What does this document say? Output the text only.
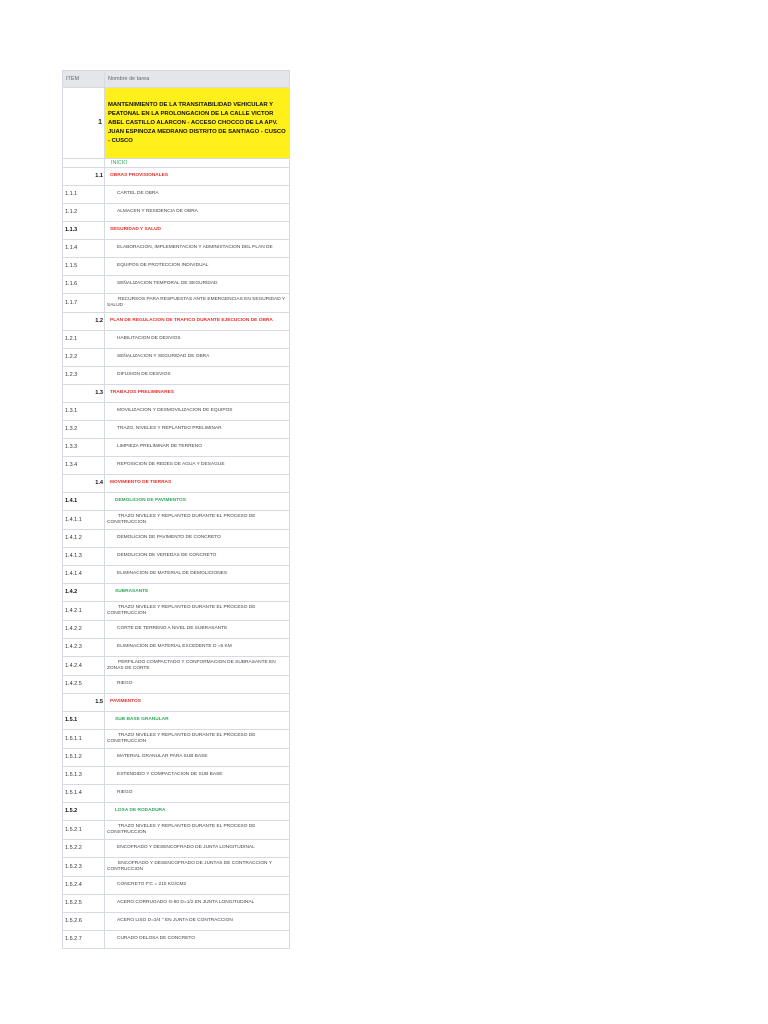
ITEM	Nombre de tarea
1	MANTENIMIENTO DE LA TRANSITABILIDAD VEHICULAR Y PEATONAL EN LA PROLONGACION DE LA CALLE VICTOR ABEL CASTILLO ALARCON - ACCESO CHOCCO DE LA APV. JUAN ESPINOZA MEDRANO DISTRITO DE SANTIAGO - CUSCO - CUSCO
	INICIO
1.1	OBRAS PROVISIONALES
1.1.1	CARTEL DE OBRA
1.1.2	ALMACEN Y RESIDENCIA DE OBRA
1.1.3	SEGURIDAD Y SALUD
1.1.4	ELABORACION, IMPLEMENTACION Y ADMINISTACION DEL PLAN DE
1.1.5	EQUIPOS DE PROTECCION INDIVIDUAL
1.1.6	SEÑALIZACION TEMPORAL DE SEGURIDAD
1.1.7	RECURSOS PARA RESPUESTAS ANTE EMERGENCIAS EN SEGURIDAD Y SALUD
1.2	PLAN DE REGULACION DE TRAFICO DURANTE EJECUCION DE OBRA
1.2.1	HABILITACION DE DESVIOS
1.2.2	SEÑALIZACION Y SEGURIDAD DE OBRA
1.2.3	DIFUSION DE DESVIOS
1.3	TRABAJOS PRELIMINARES
1.3.1	MOVILIZACION Y DESMOVILIZACION DE EQUIPOS
1.3.2	TRAZO, NIVELES Y REPLANTEO PRELIMINAR
1.3.3	LIMPIEZA PRELIMINAR DE TERRENO
1.3.4	REPOSICION DE REDES DE AGUA Y DESAGUE
1.4	MOVIMIENTO DE TIERRAS
1.4.1	DEMOLICION DE PAVIMENTOS
1.4.1.1	TRAZO NIVELES Y REPLANTEO DURANTE EL PROCESO DE CONSTRUCCION
1.4.1.2	DEMOLICION DE PAVIMENTO DE CONCRETO
1.4.1.3	DEMOLICION DE VEREDAS DE CONCRETO
1.4.1.4	ELIMINACION DE MATERIAL DE DEMOLICIONES
1.4.2	SUBRASANTE
1.4.2.1	TRAZO NIVELES Y REPLANTEO DURANTE EL PROCESO DE CONSTRUCCION
1.4.2.2	CORTE DE TERRENO A NIVEL DE SUBRASANTE
1.4.2.3	ELIMINACION DE MATERIAL EXCEDENTE D =5 KM
1.4.2.4	PERFILADO COMPACTADO Y CONFORMACION DE SUBRASANTE EN ZONAS DE CORTE
1.4.2.5	RIEGO
1.5	PAVIMENTOS
1.5.1	SUB BASE GRANULAR
1.5.1.1	TRAZO NIVELES Y REPLANTEO DURANTE EL PROCESO DE CONSTRUCCION
1.5.1.2	MATERIAL GRANULAR PARA SUB BASE
1.5.1.3	EXTENDIDO Y COMPACTACION DE SUB BASE
1.5.1.4	RIEGO
1.5.2	LOSA DE RODADURA
1.5.2.1	TRAZO NIVELES Y REPLANTEO DURANTE EL PROCESO DE CONSTRUCCION
1.5.2.2	ENCOFRADO Y DESENCOFRADO DE JUNTA LONGITUDINAL
1.5.2.3	ENCOFRADO Y DESENCOFRADO DE JUNTAS DE CONTRACCION Y CONTRUCCION
1.5.2.4	CONCRETO F'C = 210 KG/CM2
1.5.2.5	ACERO CORRUGADO G-60 D=1/2 EN JUNTA LONGITUDINAL
1.5.2.6	ACERO LISO D=3/4 " EN JUNTA DE CONTRACCION
1.5.2.7	CURADO DELOSA DE CONCRETO
